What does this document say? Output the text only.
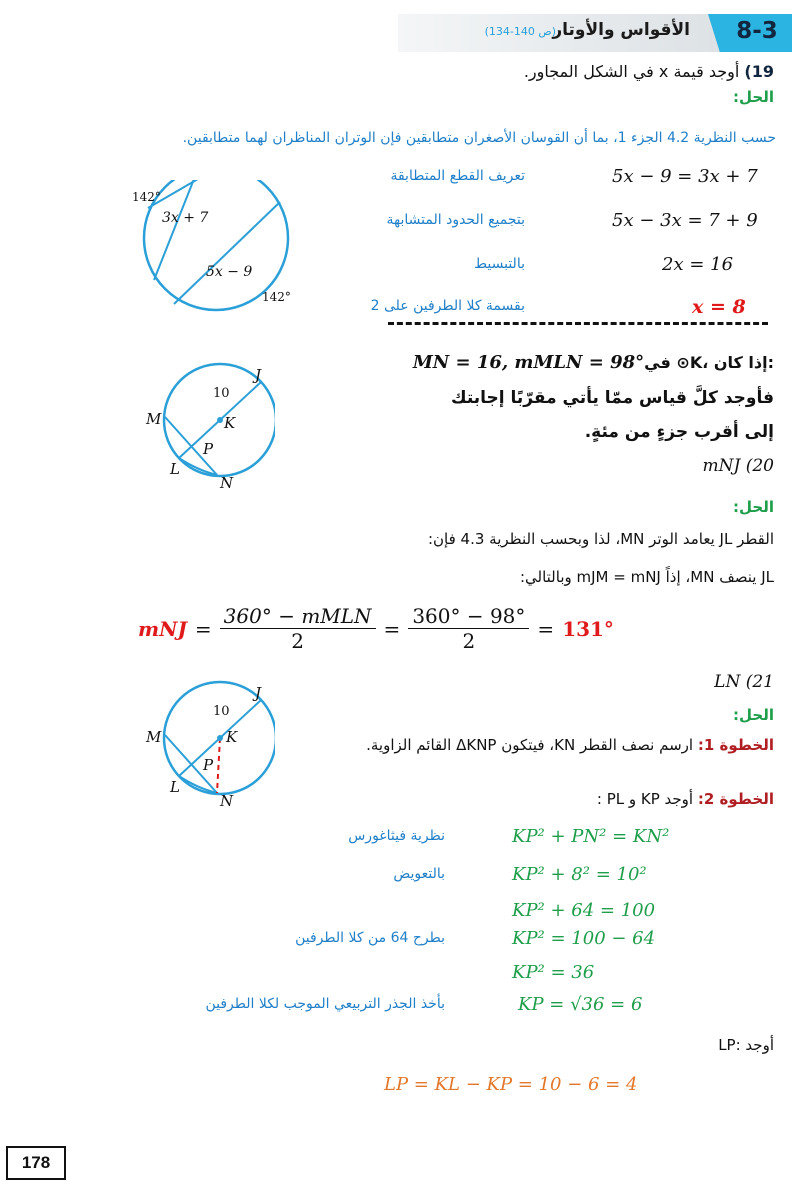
8-3
الأقواس والأوتار
(ص 140-134)
19) أوجد قيمة x في الشكل المجاور.
الحل:
حسب النظرية 4.2 الجزء 1، بما أن القوسان الأصغران متطابقين فإن الوتران المناظران لهما متطابقين.
5x − 9 = 3x + 7
تعريف القطع المتطابقة
5x − 3x = 7 + 9
بتجميع الحدود المتشابهة
2x = 16
بالتبسيط
x = 8
بقسمة كلا الطرفين على 2
142°
3x + 7
5x − 9
142°
MN = 16, mMLN = 98°في ⊙K، إذا كان:
فأوجد كلَّ قياس ممّا يأتي مقرّبًا إجابتك
إلى أقرب جزءٍ من مئةٍ.
J
10
K
M
P
L
N
mNJ (20
الحل:
القطر JL يعامد الوتر MN، لذا وبحسب النظرية 4.3 فإن:
JL ينصف MN، إذاً mJM = mNJ وبالتالي:
mNJ = $\frac{\text{360° − mMLN}}{2} = \frac{360^\circ - 98^\circ}{2} = 131^\circ$
LN (21
الحل:
الخطوة 1: ارسم نصف القطر KN، فيتكون ΔKNP القائم الزاوية.
J
10
K
M
P
L
N	الخطوة 2: أوجد KP و PL :
KP² + PN² = KN²
نظرية فيثاغورس
KP² + 8² = 10²
بالتعويض
KP² + 64 = 100
KP² = 100 − 64
بطرح 64 من كلا الطرفين
KP² = 36
KP = √36 = 6
بأخذ الجذر التربيعي الموجب لكلا الطرفين
أوجد :LP
LP = KL − KP = 10 − 6 = 4
178
